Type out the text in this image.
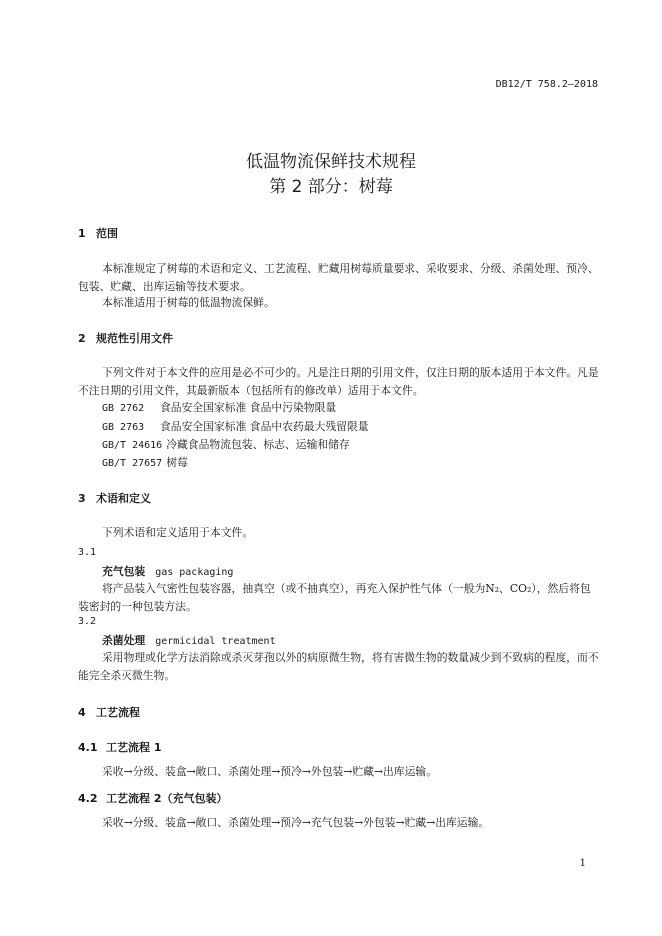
DB12/T 758.2—2018
低温物流保鲜技术规程
第 2 部分：树莓
1 范围
本标准规定了树莓的术语和定义、工艺流程、贮藏用树莓质量要求、采收要求、分级、杀菌处理、预冷、包装、贮藏、出库运输等技术要求。
本标准适用于树莓的低温物流保鲜。
2 规范性引用文件
下列文件对于本文件的应用是必不可少的。凡是注日期的引用文件，仅注日期的版本适用于本文件。凡是不注日期的引用文件，其最新版本（包括所有的修改单）适用于本文件。
GB 2762 食品安全国家标准 食品中污染物限量
GB 2763 食品安全国家标准 食品中农药最大残留限量
GB/T 24616 冷藏食品物流包装、标志、运输和储存
GB/T 27657 树莓
3 术语和定义
下列术语和定义适用于本文件。
3.1
充气包装 gas packaging
将产品装入气密性包装容器，抽真空（或不抽真空），再充入保护性气体（一般为N₂、CO₂），然后将包装密封的一种包装方法。
3.2
杀菌处理 germicidal treatment
采用物理或化学方法消除或杀灭芽孢以外的病原微生物，将有害微生物的数量减少到不致病的程度，而不能完全杀灭微生物。
4 工艺流程
4.1 工艺流程 1
采收→分级、装盒→敞口、杀菌处理→预冷→外包装→贮藏→出库运输。
4.2 工艺流程 2（充气包装）
采收→分级、装盒→敞口、杀菌处理→预冷→充气包装→外包装→贮藏→出库运输。
1
